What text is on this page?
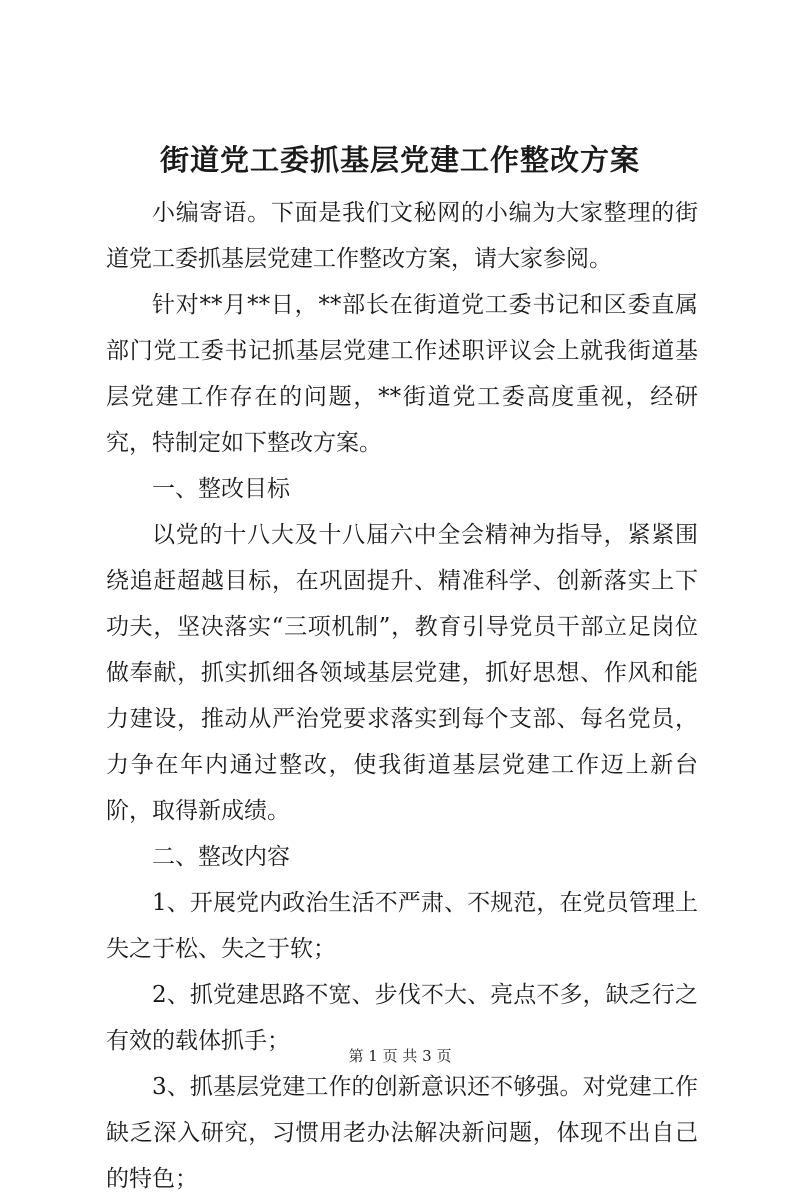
街道党工委抓基层党建工作整改方案

小编寄语。下面是我们文秘网的小编为大家整理的街道党工委抓基层党建工作整改方案，请大家参阅。

针对**月**日，**部长在街道党工委书记和区委直属部门党工委书记抓基层党建工作述职评议会上就我街道基层党建工作存在的问题，**街道党工委高度重视，经研究，特制定如下整改方案。

一、整改目标

以党的十八大及十八届六中全会精神为指导，紧紧围绕追赶超越目标，在巩固提升、精准科学、创新落实上下功夫，坚决落实“三项机制”，教育引导党员干部立足岗位做奉献，抓实抓细各领域基层党建，抓好思想、作风和能力建设，推动从严治党要求落实到每个支部、每名党员，力争在年内通过整改，使我街道基层党建工作迈上新台阶，取得新成绩。

二、整改内容

1、开展党内政治生活不严肃、不规范，在党员管理上失之于松、失之于软；

2、抓党建思路不宽、步伐不大、亮点不多，缺乏行之有效的载体抓手；

3、抓基层党建工作的创新意识还不够强。对党建工作缺乏深入研究，习惯用老办法解决新问题，体现不出自己的特色；

第 1 页 共 3 页
